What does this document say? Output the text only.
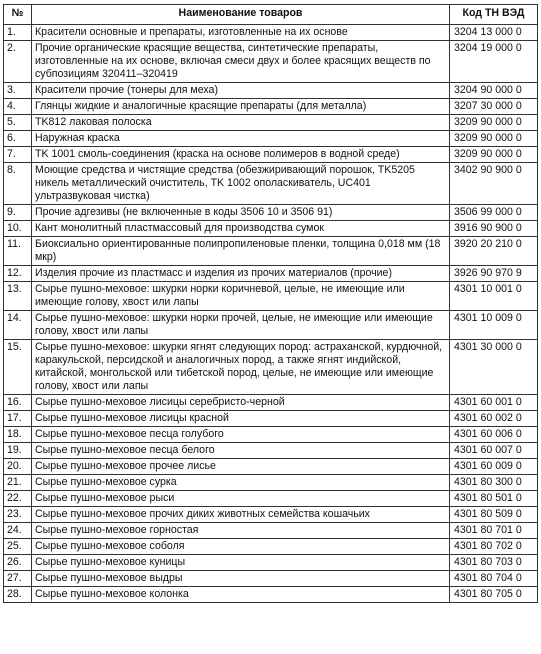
№	Наименование товаров	Код ТН ВЭД
1.	Красители основные и препараты, изготовленные на их основе	3204 13 000 0
2.	Прочие органические красящие вещества, синтетические препараты, изготовленные на их основе, включая смеси двух и более красящих веществ по субпозициям 320411–320419	3204 19 000 0
3.	Красители прочие (тонеры для меха)	3204 90 000 0
4.	Глянцы жидкие и аналогичные красящие препараты (для металла)	3207 30 000 0
5.	TK812 лаковая полоска	3209 90 000 0
6.	Наружная краска	3209 90 000 0
7.	TK 1001 смоль-соединения (краска на основе полимеров в водной среде)	3209 90 000 0
8.	Моющие средства и чистящие средства (обезжиривающий порошок, TK5205 никель металлический очиститель, TK 1002 ополаскиватель, UC401 ультразвуковая чистка)	3402 90 900 0
9.	Прочие адгезивы (не включенные в коды 3506 10 и 3506 91)	3506 99 000 0
10.	Кант монолитный пластмассовый для производства сумок	3916 90 900 0
11.	Биоксиально ориентированные полипропиленовые пленки, толщина 0,018 мм (18 мкр)	3920 20 210 0
12.	Изделия прочие из пластмасс и изделия из прочих материалов (прочие)	3926 90 970 9
13.	Сырье пушно-меховое: шкурки норки коричневой, целые, не имеющие или имеющие голову, хвост или лапы	4301 10 001 0
14.	Сырье пушно-меховое: шкурки норки прочей, целые, не имеющие или имеющие голову, хвост или лапы	4301 10 009 0
15.	Сырье пушно-меховое: шкурки ягнят следующих пород: астраханской, курдючной, каракульской, персидской и аналогичных пород, а также ягнят индийской, китайской, монгольской или тибетской пород, целые, не имеющие или имеющие голову, хвост или лапы	4301 30 000 0
16.	Сырье пушно-меховое лисицы серебристо-черной	4301 60 001 0
17.	Сырье пушно-меховое лисицы красной	4301 60 002 0
18.	Сырье пушно-меховое песца голубого	4301 60 006 0
19.	Сырье пушно-меховое песца белого	4301 60 007 0
20.	Сырье пушно-меховое прочее лисье	4301 60 009 0
21.	Сырье пушно-меховое сурка	4301 80 300 0
22.	Сырье пушно-меховое рыси	4301 80 501 0
23.	Сырье пушно-меховое прочих диких животных семейства кошачьих	4301 80 509 0
24.	Сырье пушно-меховое горностая	4301 80 701 0
25.	Сырье пушно-меховое соболя	4301 80 702 0
26.	Сырье пушно-меховое куницы	4301 80 703 0
27.	Сырье пушно-меховое выдры	4301 80 704 0
28.	Сырье пушно-меховое колонка	4301 80 705 0
